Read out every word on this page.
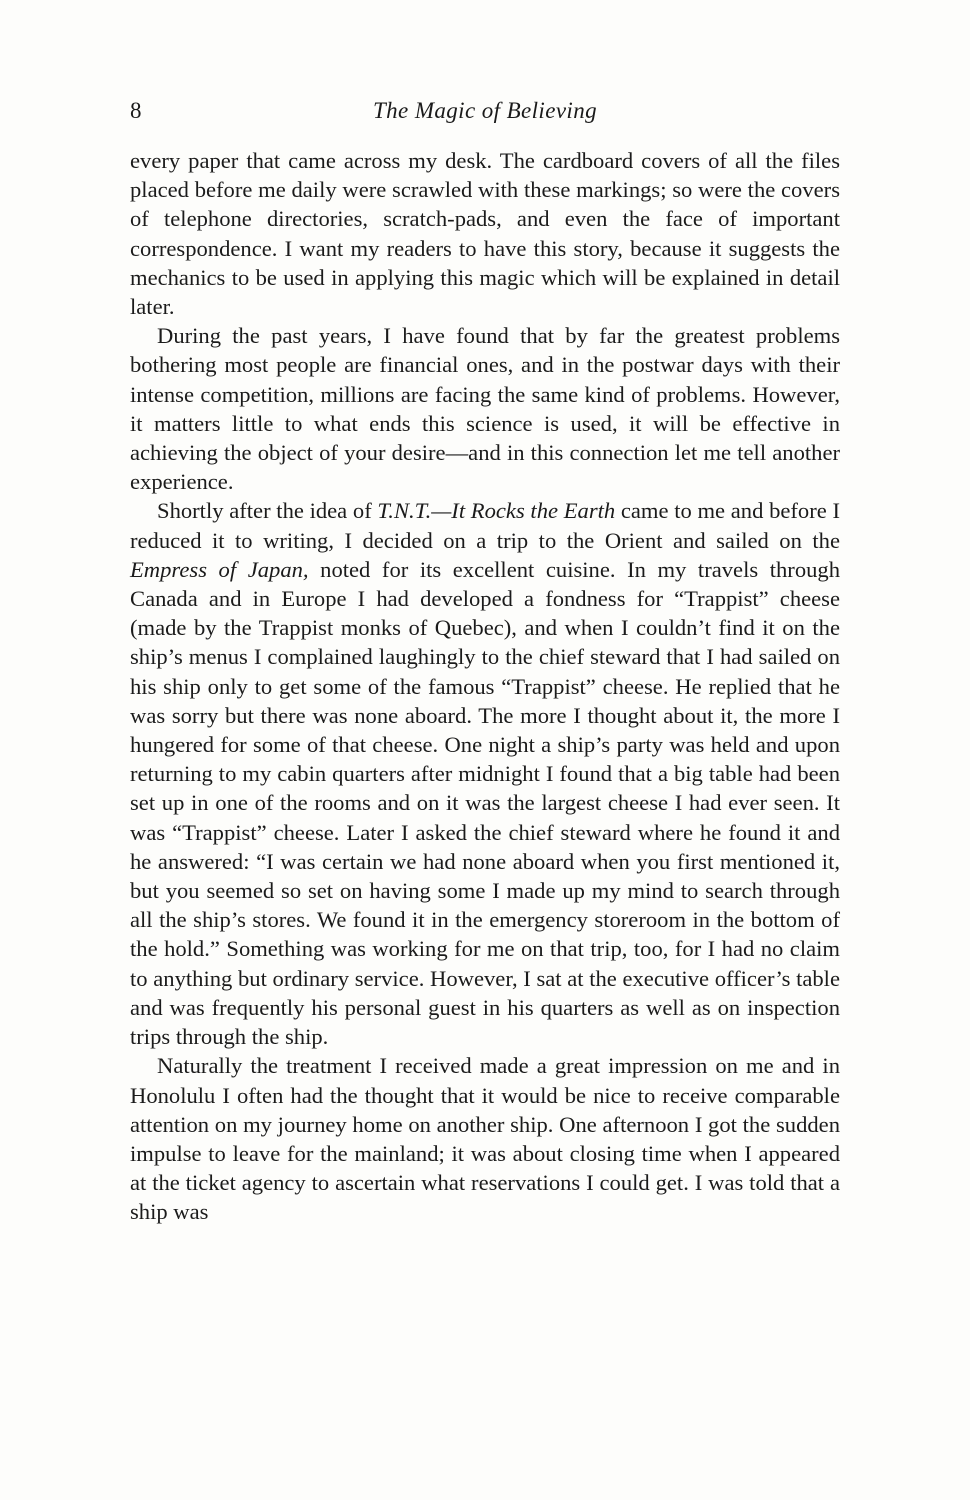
8	The Magic of Believing

every paper that came across my desk. The cardboard covers of all the files placed before me daily were scrawled with these markings; so were the covers of telephone directories, scratch-pads, and even the face of important correspondence. I want my readers to have this story, because it suggests the mechanics to be used in applying this magic which will be explained in detail later.

During the past years, I have found that by far the greatest problems bothering most people are financial ones, and in the postwar days with their intense competition, millions are facing the same kind of problems. However, it matters little to what ends this science is used, it will be effective in achieving the object of your desire—and in this connection let me tell another experience.

Shortly after the idea of T.N.T.—It Rocks the Earth came to me and before I reduced it to writing, I decided on a trip to the Orient and sailed on the Empress of Japan, noted for its excellent cuisine. In my travels through Canada and in Europe I had developed a fondness for “Trappist” cheese (made by the Trappist monks of Quebec), and when I couldn’t find it on the ship’s menus I complained laughingly to the chief steward that I had sailed on his ship only to get some of the famous “Trappist” cheese. He replied that he was sorry but there was none aboard. The more I thought about it, the more I hungered for some of that cheese. One night a ship’s party was held and upon returning to my cabin quarters after midnight I found that a big table had been set up in one of the rooms and on it was the largest cheese I had ever seen. It was “Trappist” cheese. Later I asked the chief steward where he found it and he answered: “I was certain we had none aboard when you first mentioned it, but you seemed so set on having some I made up my mind to search through all the ship’s stores. We found it in the emergency storeroom in the bottom of the hold.” Something was working for me on that trip, too, for I had no claim to anything but ordinary service. However, I sat at the executive officer’s table and was frequently his personal guest in his quarters as well as on inspection trips through the ship.

Naturally the treatment I received made a great impression on me and in Honolulu I often had the thought that it would be nice to receive comparable attention on my journey home on another ship. One afternoon I got the sudden impulse to leave for the mainland; it was about closing time when I appeared at the ticket agency to ascertain what reservations I could get. I was told that a ship was
